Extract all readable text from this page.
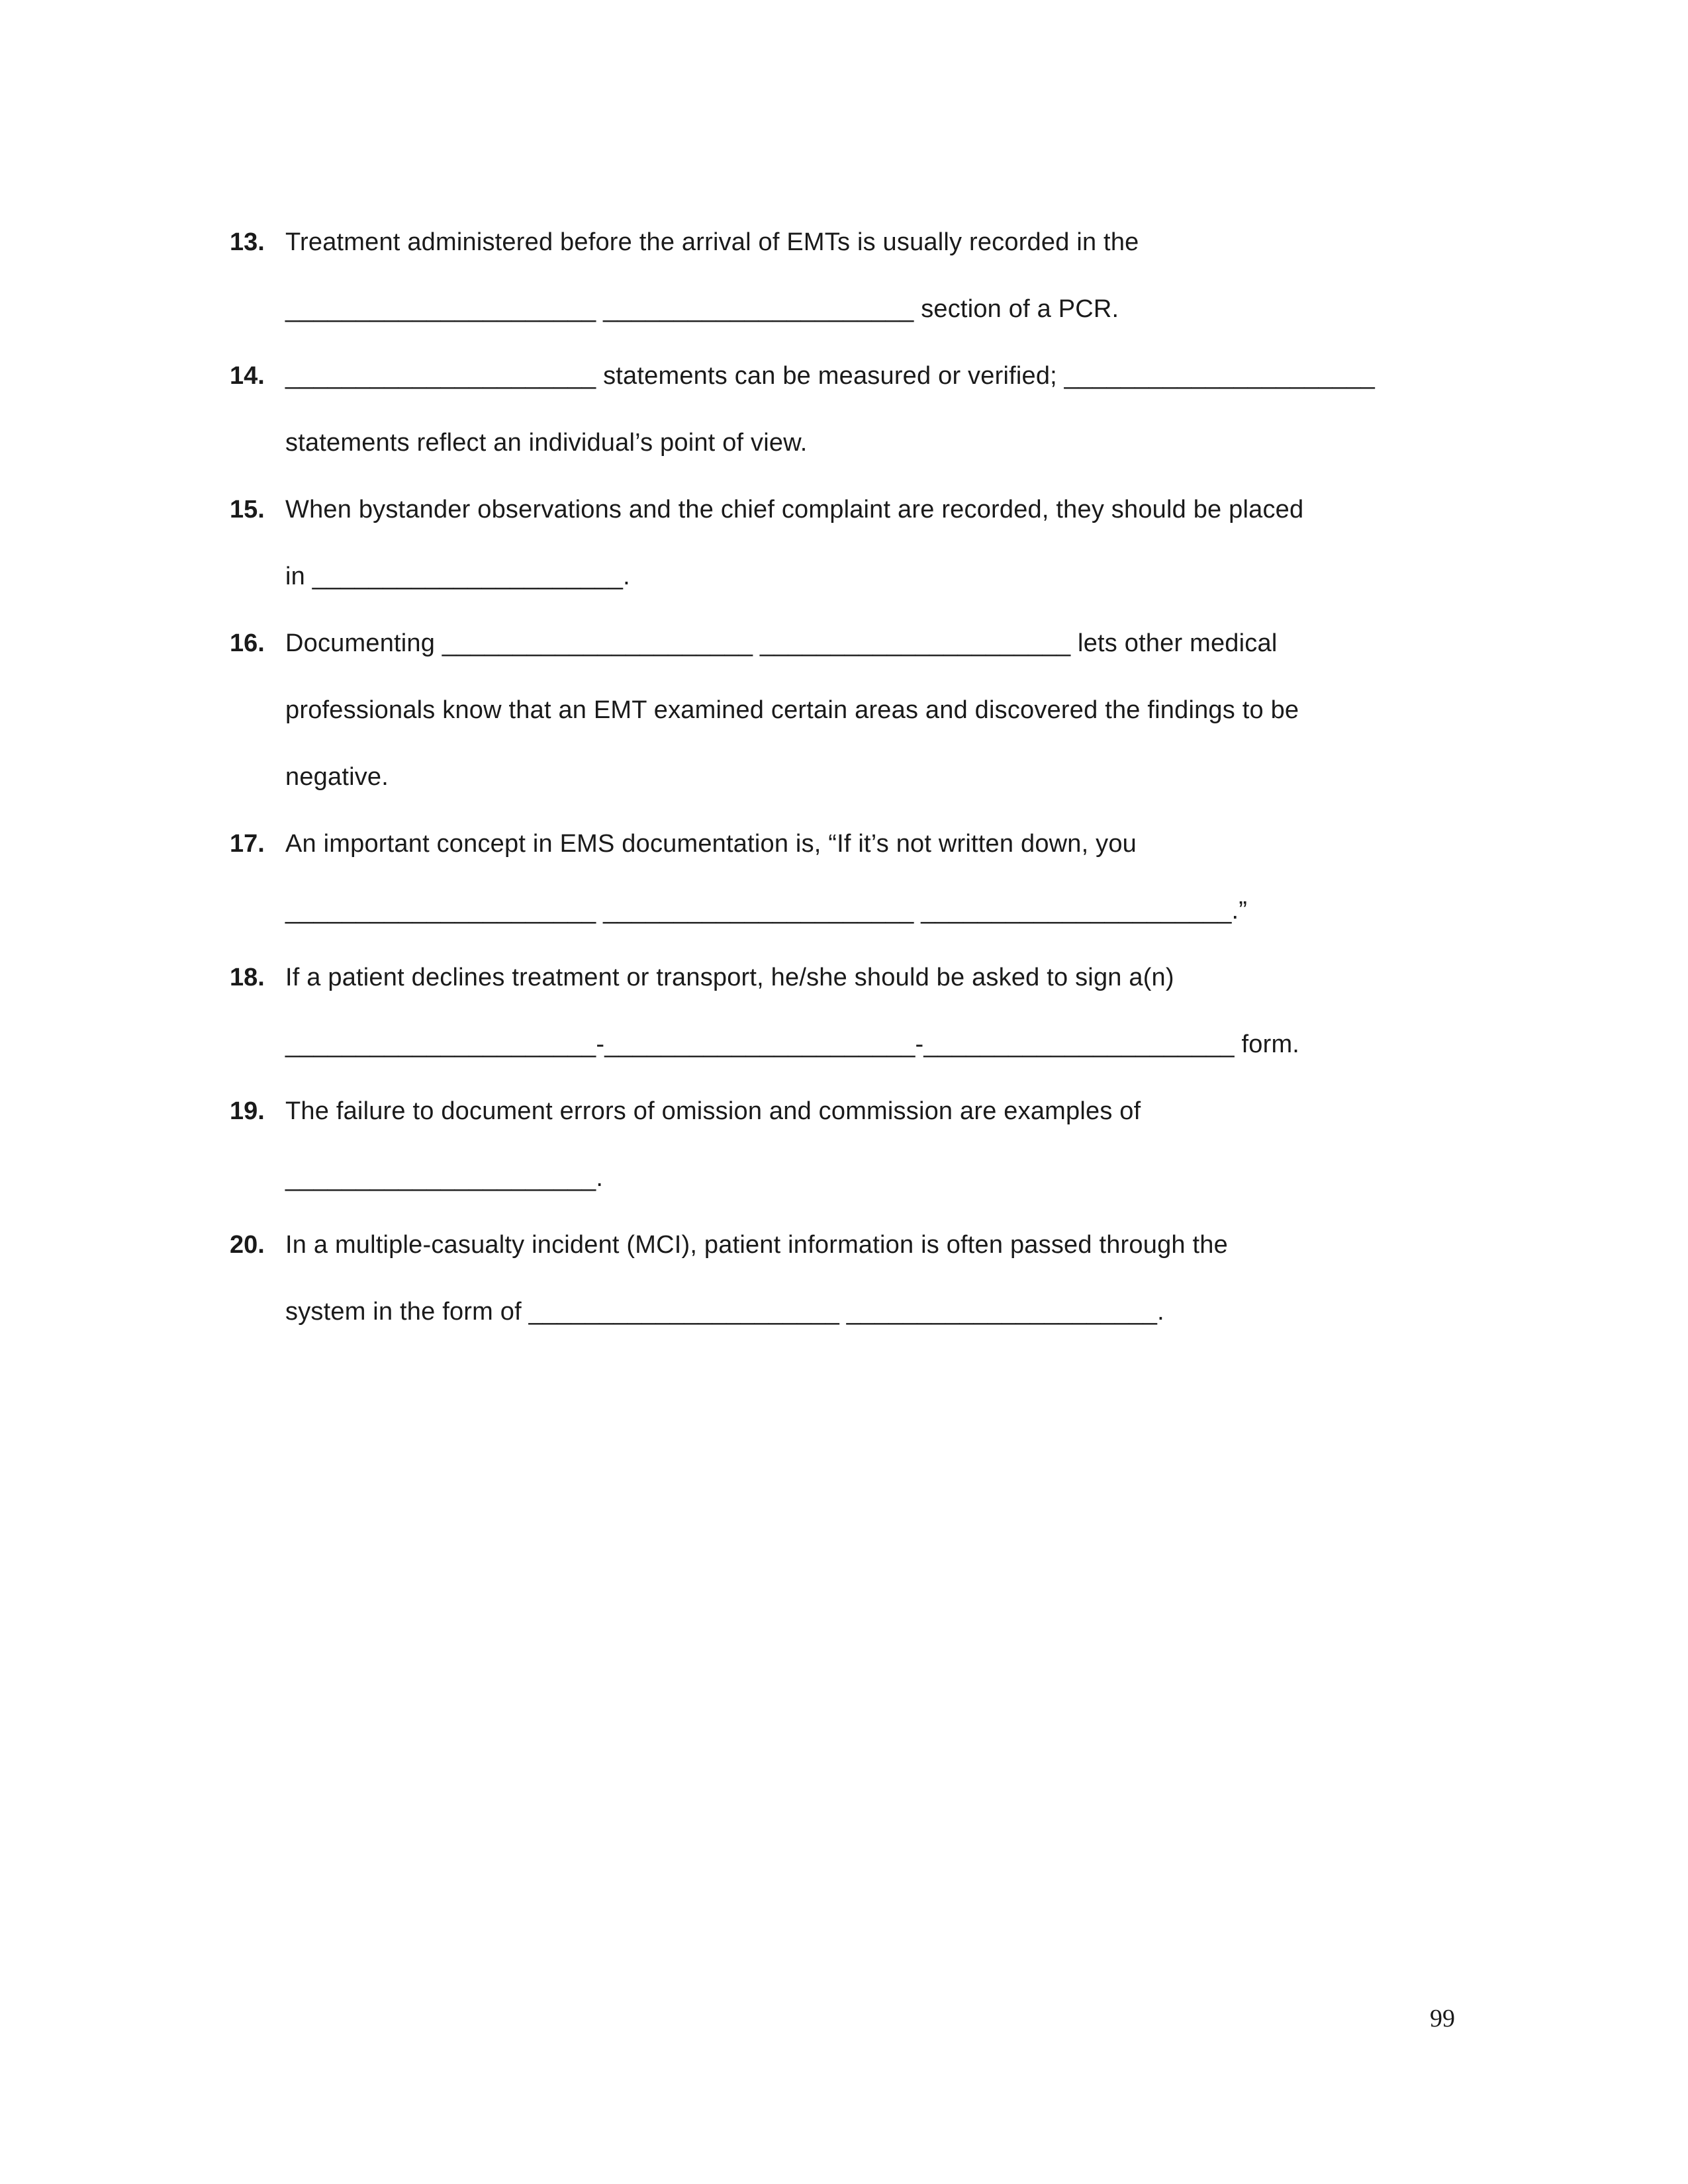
13. Treatment administered before the arrival of EMTs is usually recorded in the
______________________ ______________________ section of a PCR.
14. ______________________ statements can be measured or verified; ______________________
statements reflect an individual’s point of view.
15. When bystander observations and the chief complaint are recorded, they should be placed
in ______________________.
16. Documenting ______________________ ______________________ lets other medical
professionals know that an EMT examined certain areas and discovered the findings to be
negative.
17. An important concept in EMS documentation is, “If it’s not written down, you
______________________ ______________________ ______________________.”
18. If a patient declines treatment or transport, he/she should be asked to sign a(n)
______________________-______________________-______________________ form.
19. The failure to document errors of omission and commission are examples of
______________________.
20. In a multiple-casualty incident (MCI), patient information is often passed through the
system in the form of ______________________ ______________________.
99
